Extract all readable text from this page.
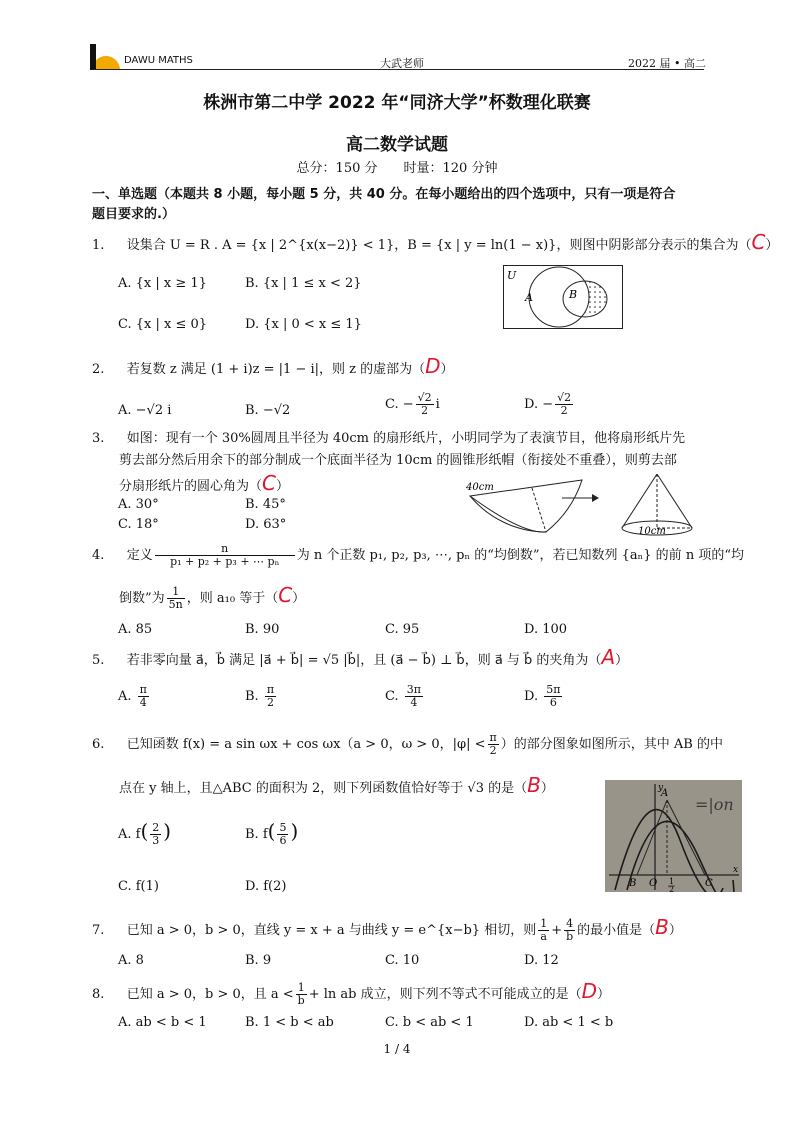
DAWU MATHS	大武老师	2022 届 • 高二
株洲市第二中学 2022 年“同济大学”杯数理化联赛
高二数学试题
总分：150 分　　时量：120 分钟
一、单选题（本题共 8 小题，每小题 5 分，共 40 分。在每小题给出的四个选项中，只有一项是符合
题目要求的.）
1. 设集合 U = R . A = {x | 2^{x(x−2)} < 1}，B = {x | y = ln(1 − x)}，则图中阴影部分表示的集合为（C）
A. {x | x ≥ 1}	B. {x | 1 ≤ x < 2}
C. {x | x ≤ 0}	D. {x | 0 < x ≤ 1}
U
A	B
2. 若复数 z 满足 (1 + i)z = |1 − i|，则 z 的虚部为（D）
A. −√2 i	B. −√2	C. − $\frac{√2}{2}$ i	D. − $\frac{√2}{2}$
3. 如图：现有一个 30%圆周且半径为 40cm 的扇形纸片，小明同学为了表演节目，他将扇形纸片先
剪去部分然后用余下的部分制成一个底面半径为 10cm 的圆锥形纸帽（衔接处不重叠），则剪去部
分扇形纸片的圆心角为（C）
A. 30°	B. 45°
C. 18°	D. 63°
40cm
10cm
4. 定义 $\frac{n}{\text{p₁ + p₂ + p₃ + ⋯ pₙ}}$ 为 n 个正数 p₁, p₂, p₃, ⋯, pₙ 的“均倒数”，若已知数列 {aₙ} 的前 n 项的“均
倒数”为 $\frac{1}{5n}$ ，则 a₁₀ 等于（C）
A. 85	B. 90	C. 95	D. 100
5. 若非零向量 a⃗，b⃗ 满足 |a⃗ + b⃗| = √5 |b⃗|，且 (a⃗ − b⃗) ⊥ b⃗，则 a⃗ 与 b⃗ 的夹角为（A）
A. $\frac{\pi}{4}$	B. $\frac{\pi}{2}$	C. $\frac{3\pi}{4}$	D. $\frac{5\pi}{6}$
6. 已知函数 f(x) = a sin ωx + cos ωx（a > 0，ω > 0，$|\varphi| < \frac{\pi}{2}$ ）的部分图象如图所示，其中 AB 的中
点在 y 轴上，且△ABC 的面积为 2，则下列函数值恰好等于 √3 的是（B）
A. $f( \frac{2}{3}$ )	B. $f( \frac{5}{6}$ )
C. f(1)	D. f(2)
A
B O	C
1
2
x
y
=|on
7. 已知 a > 0，b > 0，直线 y = x + a 与曲线 y = e^{x−b} 相切，则 $\frac{1}{a} + \frac{4}{b}$ 的最小值是（B）
A. 8	B. 9	C. 10	D. 12
8. 已知 a > 0，b > 0，且 $a < \frac{1}{b} + \ln$ ab 成立，则下列不等式不可能成立的是（D）
A. ab < b < 1	B. 1 < b < ab	C. b < ab < 1	D. ab < 1 < b
1 / 4
